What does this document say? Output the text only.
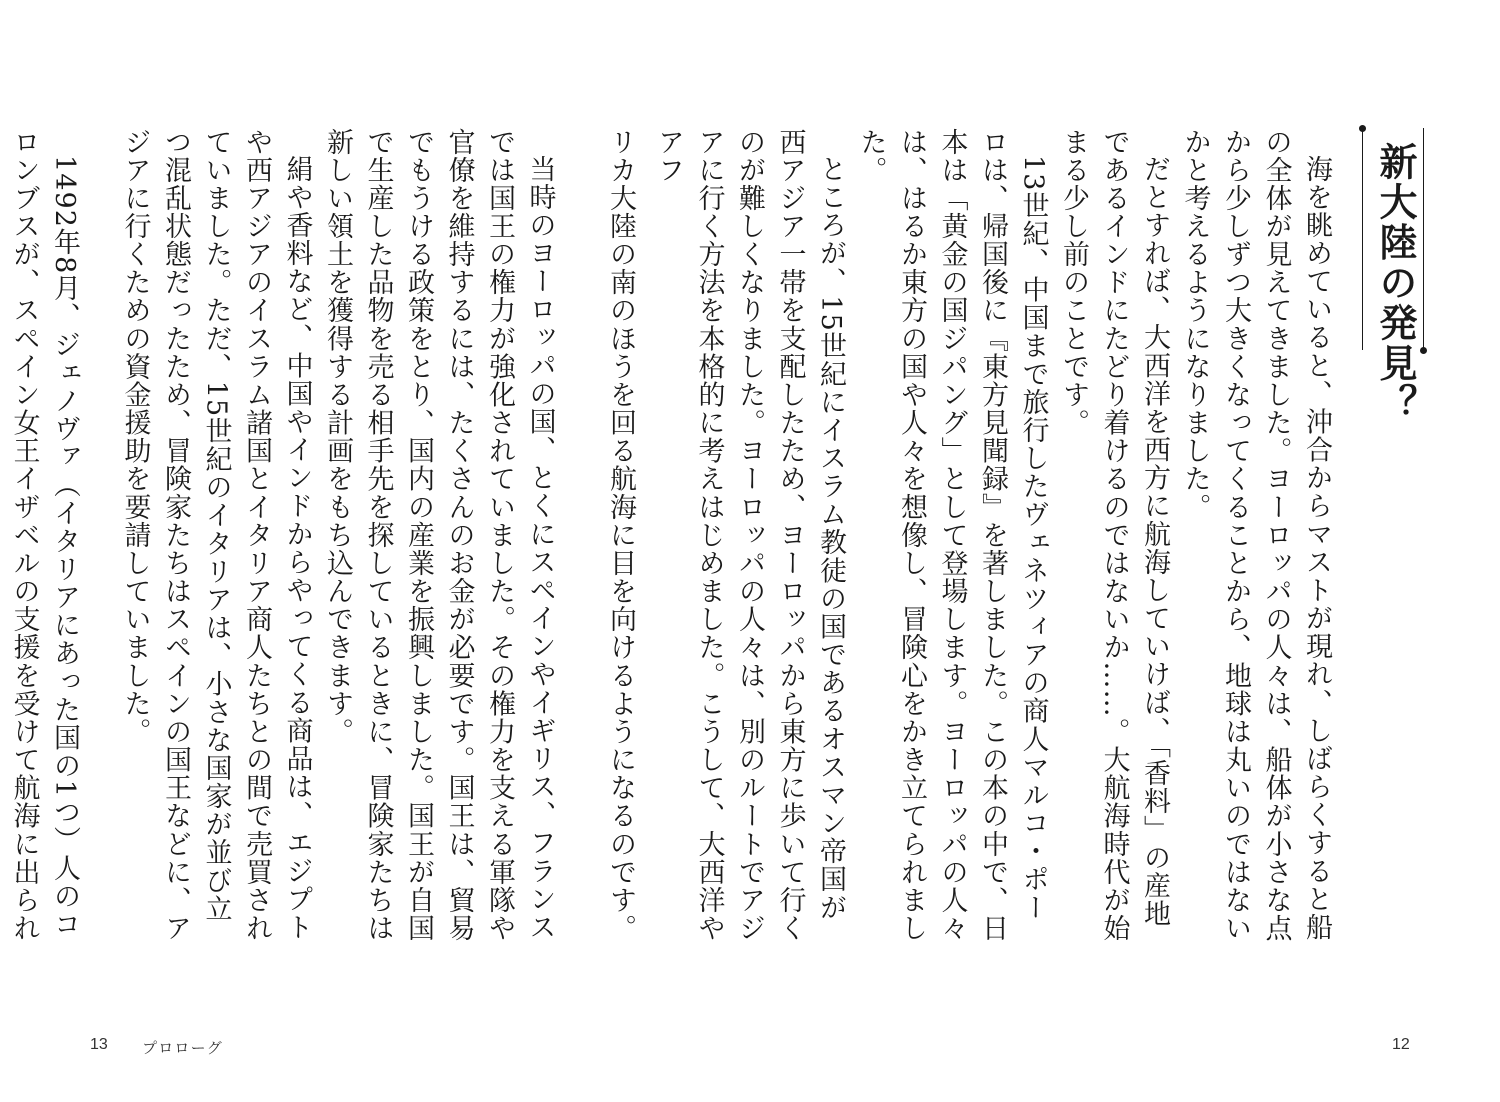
新大陸の発見？
海を眺めていると、沖合からマストが現れ、しばらくすると船の全体が見えてきました。ヨーロッパの人々は、船体が小さな点から少しずつ大きくなってくることから、地球は丸いのではないかと考えるようになりました。
だとすれば、大西洋を西方に航海していけば、「香料」の産地であるインドにたどり着けるのではないか……。大航海時代が始まる少し前のことです。
13世紀、中国まで旅行したヴェネツィアの商人マルコ・ポーロは、帰国後に『東方見聞録』を著しました。この本の中で、日本は「黄金の国ジパング」として登場します。ヨーロッパの人々は、はるか東方の国や人々を想像し、冒険心をかき立てられました。
ところが、15世紀にイスラム教徒の国であるオスマン帝国が西アジア一帯を支配したため、ヨーロッパから東方に歩いて行くのが難しくなりました。ヨーロッパの人々は、別のルートでアジアに行く方法を本格的に考えはじめました。こうして、大西洋やアフ
12
リカ大陸の南のほうを回る航海に目を向けるようになるのです。
当時のヨーロッパの国、とくにスペインやイギリス、フランスでは国王の権力が強化されていました。その権力を支える軍隊や官僚を維持するには、たくさんのお金が必要です。国王は、貿易でもうける政策をとり、国内の産業を振興しました。国王が自国で生産した品物を売る相手先を探しているときに、冒険家たちは新しい領土を獲得する計画をもち込んできます。
絹や香料など、中国やインドからやってくる商品は、エジプトや西アジアのイスラム諸国とイタリア商人たちとの間で売買されていました。ただ、15世紀のイタリアは、小さな国家が並び立つ混乱状態だったため、冒険家たちはスペインの国王などに、アジアに行くための資金援助を要請していました。
1492年8月、ジェノヴァ（イタリアにあった国の1つ）人のコロンブスが、スペイン女王イザベルの支援を受けて航海に出られ
13 プロローグ
